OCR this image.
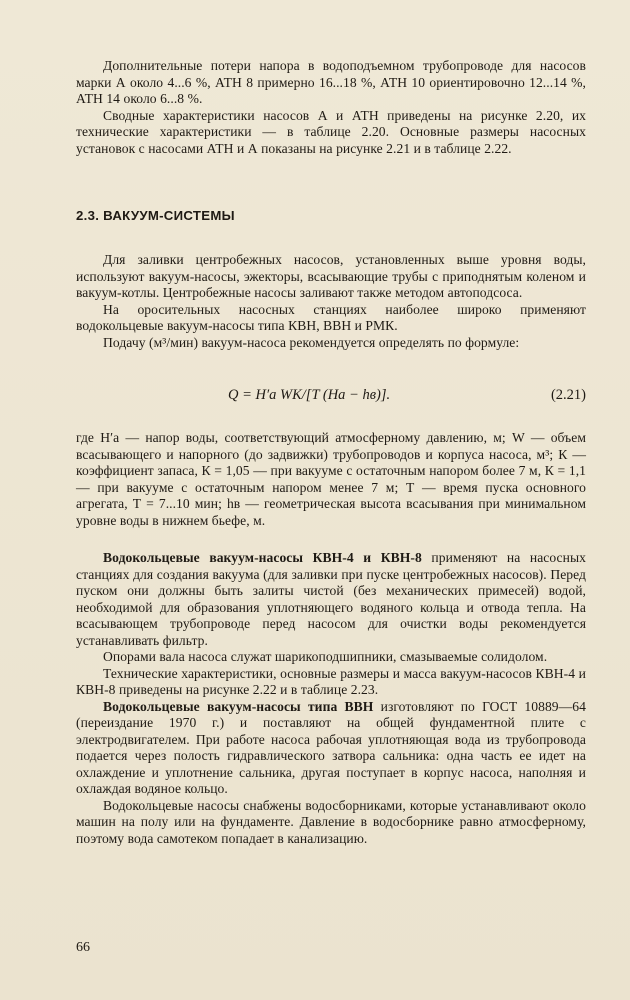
Дополнительные потери напора в водоподъемном трубопроводе для насосов марки А около 4...6 %, АТН 8 примерно 16...18 %, АТН 10 ориентировочно 12...14 %, АТН 14 около 6...8 %.

Сводные характеристики насосов А и АТН приведены на рисунке 2.20, их технические характеристики — в таблице 2.20. Основные размеры насосных установок с насосами АТН и А показаны на рисунке 2.21 и в таблице 2.22.

2.3. ВАКУУМ-СИСТЕМЫ

Для заливки центробежных насосов, установленных выше уровня воды, используют вакуум-насосы, эжекторы, всасывающие трубы с приподнятым коленом и вакуум-котлы. Центробежные насосы заливают также методом автоподсоса.

На оросительных насосных станциях наиболее широко применяют водокольцевые вакуум-насосы типа КВН, ВВН и РМК.

Подачу (м³/мин) вакуум-насоса рекомендуется определять по формуле:

Q = H′а WK/[T (Hа − hв)].	(2.21)

где H′а — напор воды, соответствующий атмосферному давлению, м; W — объем всасывающего и напорного (до задвижки) трубопроводов и корпуса насоса, м³; К — коэффициент запаса, К = 1,05 — при вакууме с остаточным напором более 7 м, К = 1,1 — при вакууме с остаточным напором менее 7 м; Т — время пуска основного агрегата, Т = 7...10 мин; hв — геометрическая высота всасывания при минимальном уровне воды в нижнем бьефе, м.

Водокольцевые вакуум-насосы КВН-4 и КВН-8 применяют на насосных станциях для создания вакуума (для заливки при пуске центробежных насосов). Перед пуском они должны быть залиты чистой (без механических примесей) водой, необходимой для образования уплотняющего водяного кольца и отвода тепла. На всасывающем трубопроводе перед насосом для очистки воды рекомендуется устанавливать фильтр.

Опорами вала насоса служат шарикоподшипники, смазываемые солидолом.

Технические характеристики, основные размеры и масса вакуум-насосов КВН-4 и КВН-8 приведены на рисунке 2.22 и в таблице 2.23.

Водокольцевые вакуум-насосы типа ВВН изготовляют по ГОСТ 10889—64 (переиздание 1970 г.) и поставляют на общей фундаментной плите с электродвигателем. При работе насоса рабочая уплотняющая вода из трубопровода подается через полость гидравлического затвора сальника: одна часть ее идет на охлаждение и уплотнение сальника, другая поступает в корпус насоса, наполняя и охлаждая водяное кольцо.

Водокольцевые насосы снабжены водосборниками, которые устанавливают около машин на полу или на фундаменте. Давление в водосборнике равно атмосферному, поэтому вода самотеком попадает в канализацию.

66
